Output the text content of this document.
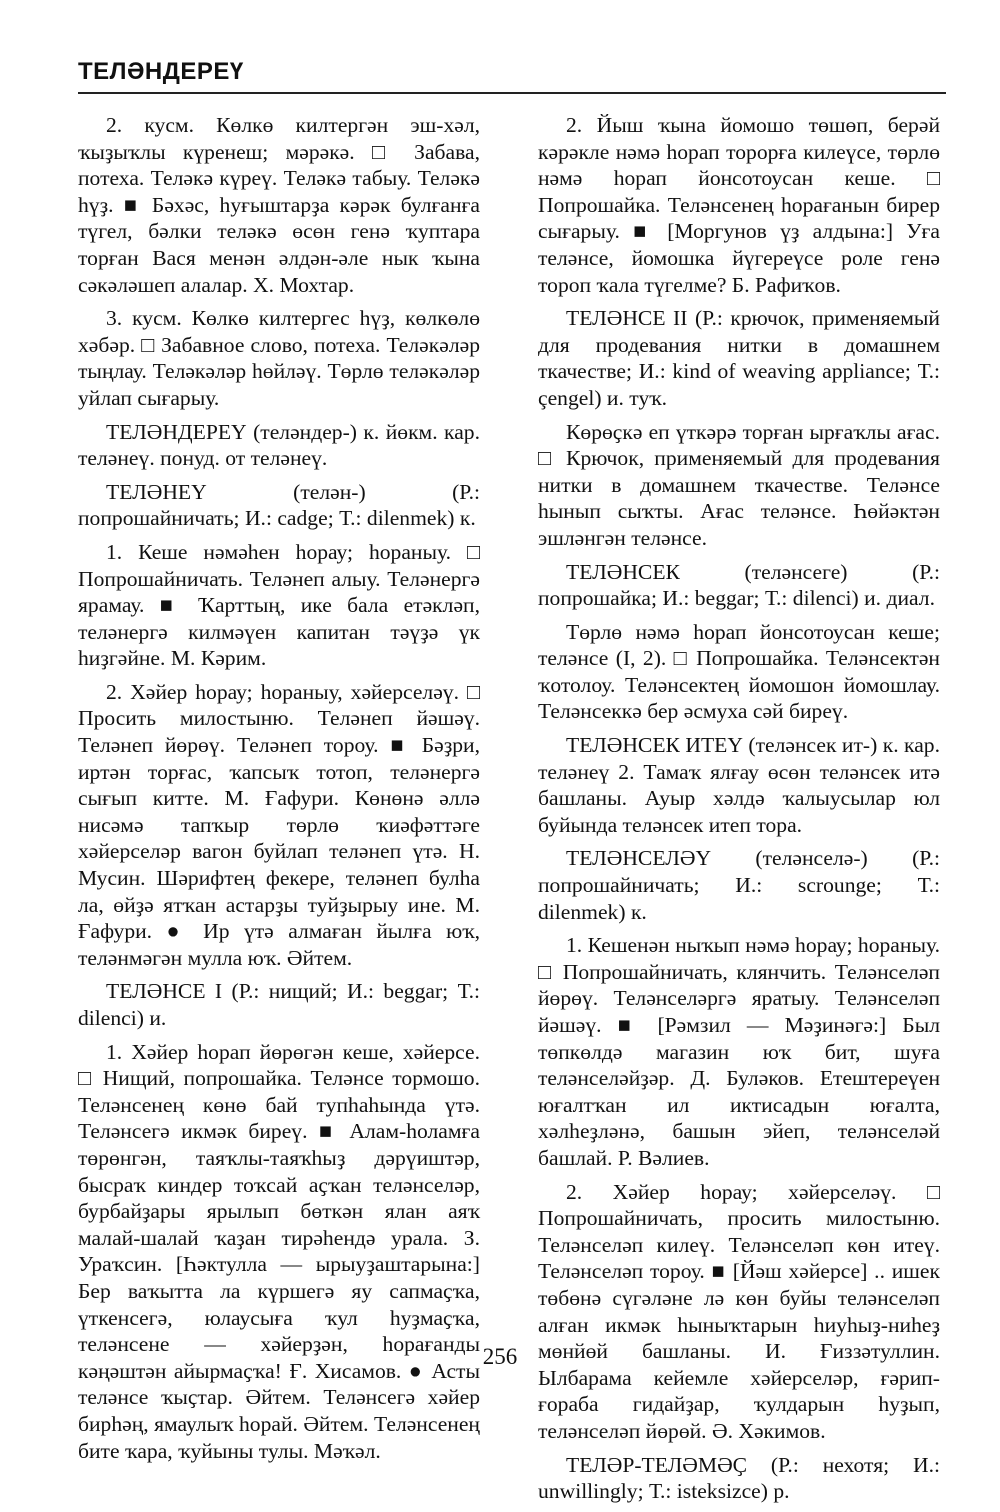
ТЕЛӘНДЕРЕҮ

2. кусм. Көлкө килтергән эш-хәл, ҡыҙыҡлы күренеш; мәрәкә. □ Забава, потеха. Теләкә күреү. Теләкә табыу. Теләкә һүҙ. ■ Бәхәс, һуғыштарҙа кәрәк булғанға түгел, бәлки теләкә өсөн генә ҡуптара торған Вася менән әлдән-әле нык ҡына сәкәләшеп алалар. Х. Мохтар.

3. кусм. Көлкө килтергес һүҙ, көлкөлө хәбәр. □ Забавное слово, потеха. Теләкәләр тыңлау. Теләкәләр һөйләү. Төрлө теләкәләр уйлап сығарыу.

ТЕЛӘНДЕРЕҮ (теләндер-) к. йөкм. кар. теләнеү. понуд. от теләнеү.

ТЕЛӘНЕҮ (телән-) (Р.: попрошайничать; И.: cadge; Т.: dilenmek) к.

1. Кеше нәмәһен һорау; һораныу. □ Попрошайничать. Теләнеп алыу. Теләнергә ярамау. ■ Ҡарттың, ике бала етәкләп, теләнергә килмәүен капитан тәүҙә үк һиҙгәйне. М. Кәрим.

2. Хәйер һорау; һораныу, хәйерселәү. □ Просить милостыню. Теләнеп йәшәү. Теләнеп йөрөү. Теләнеп тороу. ■ Бәҙри, иртән торғас, ҡапсыҡ тотоп, теләнергә сығып китте. М. Ғафури. Көнөнә әллә нисәмә тапҡыр төрлө ҡиәфәттәге хәйерселәр вагон буйлап теләнеп үтә. Н. Мусин. Шәрифтең фекере, теләнеп булһа ла, өйҙә ятҡан астарҙы туйҙырыу ине. М. Ғафури. ● Ир үтә алмаған йылға юҡ, теләнмәгән мулла юҡ. Әйтем.

ТЕЛӘНСЕ I (Р.: нищий; И.: beggar; Т.: dilenci) и.

1. Хәйер һорап йөрөгән кеше, хәйерсе. □ Нищий, попрошайка. Теләнсе тормошо. Теләнсенең көнө бай тупһаһында үтә. Теләнсегә икмәк биреү. ■ Алам-һоламға төрөнгән, таяҡлы-таяҡһыҙ дәрүиштәр, бысраҡ киндер тоҡсай аҫҡан теләнселәр, бурбайҙары ярылып бөткән ялан аяҡ малай-шалай ҡаҙан тирәһендә урала. З. Ураҡсин. [Һәктулла — ырыуҙаштарына:] Бер ваҡытта ла күршегә яу сапмаҫҡа, үткенсегә, юлаусыға ҡул һуҙмаҫҡа, теләнсене — хәйерҙән, һорағанды кәңәштән айырмаҫҡа! Ғ. Хисамов. ● Асты теләнсе ҡыҫтар. Әйтем. Теләнсегә хәйер бирһәң, ямаулыҡ һорай. Әйтем. Теләнсенең бите ҡара, ҡуйыны тулы. Мәҡәл.

2. Йыш ҡына йомошо төшөп, берәй кәрәкле нәмә һорап торорға килеүсе, төрлө нәмә һорап йонсотоусан кеше. □ Попрошайка. Теләнсенең һорағанын бирер сығарыу. ■ [Моргунов үҙ алдына:] Уға теләнсе, йомошка йүгереүсе роле генә тороп ҡала түгелме? Б. Рафиҡов.

ТЕЛӘНСЕ II (Р.: крючок, применяемый для продевания нитки в домашнем ткачестве; И.: kind of weaving appliance; Т.: çengel) и. туҡ.

Көрөҫкә еп үткәрә торған ырғаҡлы ағас. □ Крючок, применяемый для продевания нитки в домашнем ткачестве. Теләнсе һынып сыҡты. Ағас теләнсе. Һөйәктән эшләнгән теләнсе.

ТЕЛӘНСЕК (теләнсеге) (Р.: попрошайка; И.: beggar; Т.: dilenci) и. диал.

Төрлө нәмә һорап йонсотоусан кеше; теләнсе (I, 2). □ Попрошайка. Теләнсектән ҡотолоу. Теләнсектең йомошон йомошлау. Теләнсеккә бер әсмуха сәй биреү.

ТЕЛӘНСЕК ИТЕҮ (теләнсек ит-) к. кар. теләнеү 2. Тамаҡ ялғау өсөн теләнсек итә башланы. Ауыр хәлдә ҡалыусылар юл буйында теләнсек итеп тора.

ТЕЛӘНСЕЛӘҮ (теләнселә-) (Р.: попрошайничать; И.: scrounge; Т.: dilenmek) к.

1. Кешенән ныҡып нәмә һорау; һораныу. □ Попрошайничать, клянчить. Теләнселәп йөрөү. Теләнселәргә яратыу. Теләнселәп йәшәү. ■ [Рәмзил — Мәҙинәгә:] Был төпкөлдә магазин юҡ бит, шуға теләнселәйҙәр. Д. Буләков. Етештереүен юғалтҡан ил иктисадын юғалта, хәлһеҙләнә, башын эйеп, теләнселәй башлай. Р. Вәлиев.

2. Хәйер һорау; хәйерселәү. □ Попрошайничать, просить милостыню. Теләнселәп килеү. Теләнселәп көн итеү. Теләнселәп тороу. ■ [Йәш хәйерсе] .. ишек төбөнә сүгәләне лә көн буйы теләнселәп алған икмәк һыныҡтарын һиуһыҙ-ниһеҙ мөнйөй башланы. И. Ғиззәтуллин. Ылбарама кейемле хәйерселәр, ғәрип-ғораба гидайҙар, ҡулдарын һуҙып, теләнселәп йөрөй. Ә. Хәкимов.

ТЕЛӘР-ТЕЛӘМӘҪ (Р.: нехотя; И.: unwillingly; Т.: isteksizce) р.

256
